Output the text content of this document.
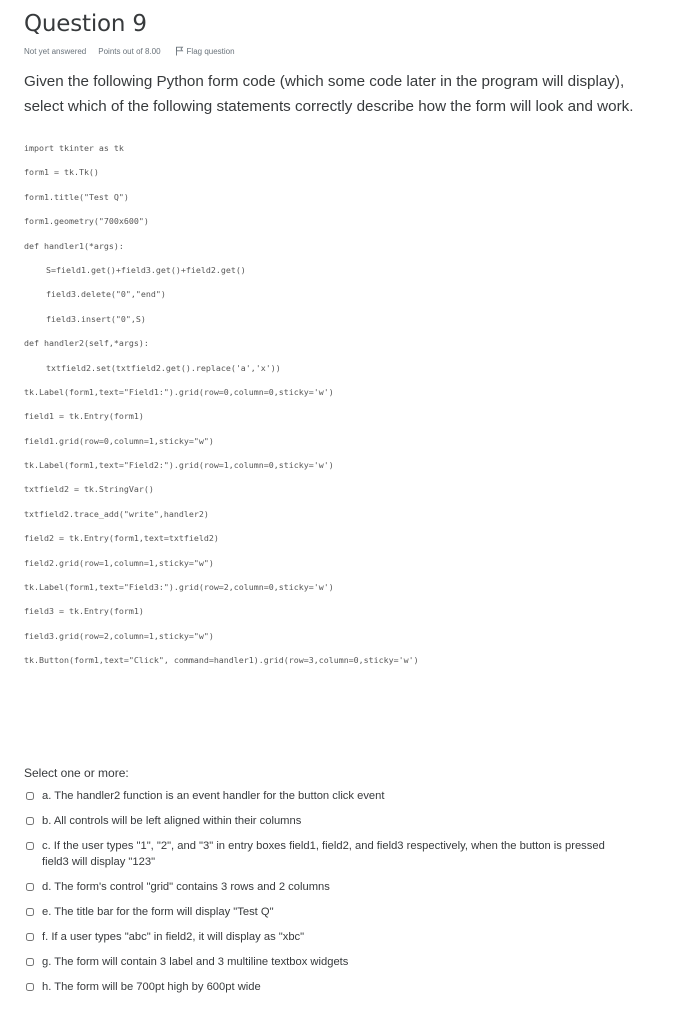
Question 9
Not yet answered Points out of 8.00	Flag question
Given the following Python form code (which some code later in the program will display), select which of the following statements correctly describe how the form will look and work.
import tkinter as tk
form1 = tk.Tk()
form1.title("Test Q")
form1.geometry("700x600")
def handler1(*args):
S=field1.get()+field3.get()+field2.get()
field3.delete("0","end")
field3.insert("0",S)
def handler2(self,*args):
txtfield2.set(txtfield2.get().replace('a','x'))
tk.Label(form1,text="Field1:").grid(row=0,column=0,sticky='w')
field1 = tk.Entry(form1)
field1.grid(row=0,column=1,sticky="w")
tk.Label(form1,text="Field2:").grid(row=1,column=0,sticky='w')
txtfield2 = tk.StringVar()
txtfield2.trace_add("write",handler2)
field2 = tk.Entry(form1,text=txtfield2)
field2.grid(row=1,column=1,sticky="w")
tk.Label(form1,text="Field3:").grid(row=2,column=0,sticky='w')
field3 = tk.Entry(form1)
field3.grid(row=2,column=1,sticky="w")
tk.Button(form1,text="Click", command=handler1).grid(row=3,column=0,sticky='w')
Select one or more:
a. The handler2 function is an event handler for the button click event
b. All controls will be left aligned within their columns
c. If the user types "1", "2", and "3" in entry boxes field1, field2, and field3 respectively, when the button is pressed field3 will display "123"
d. The form's control "grid" contains 3 rows and 2 columns
e. The title bar for the form will display "Test Q"
f. If a user types "abc" in field2, it will display as "xbc"
g. The form will contain 3 label and 3 multiline textbox widgets
h. The form will be 700pt high by 600pt wide
